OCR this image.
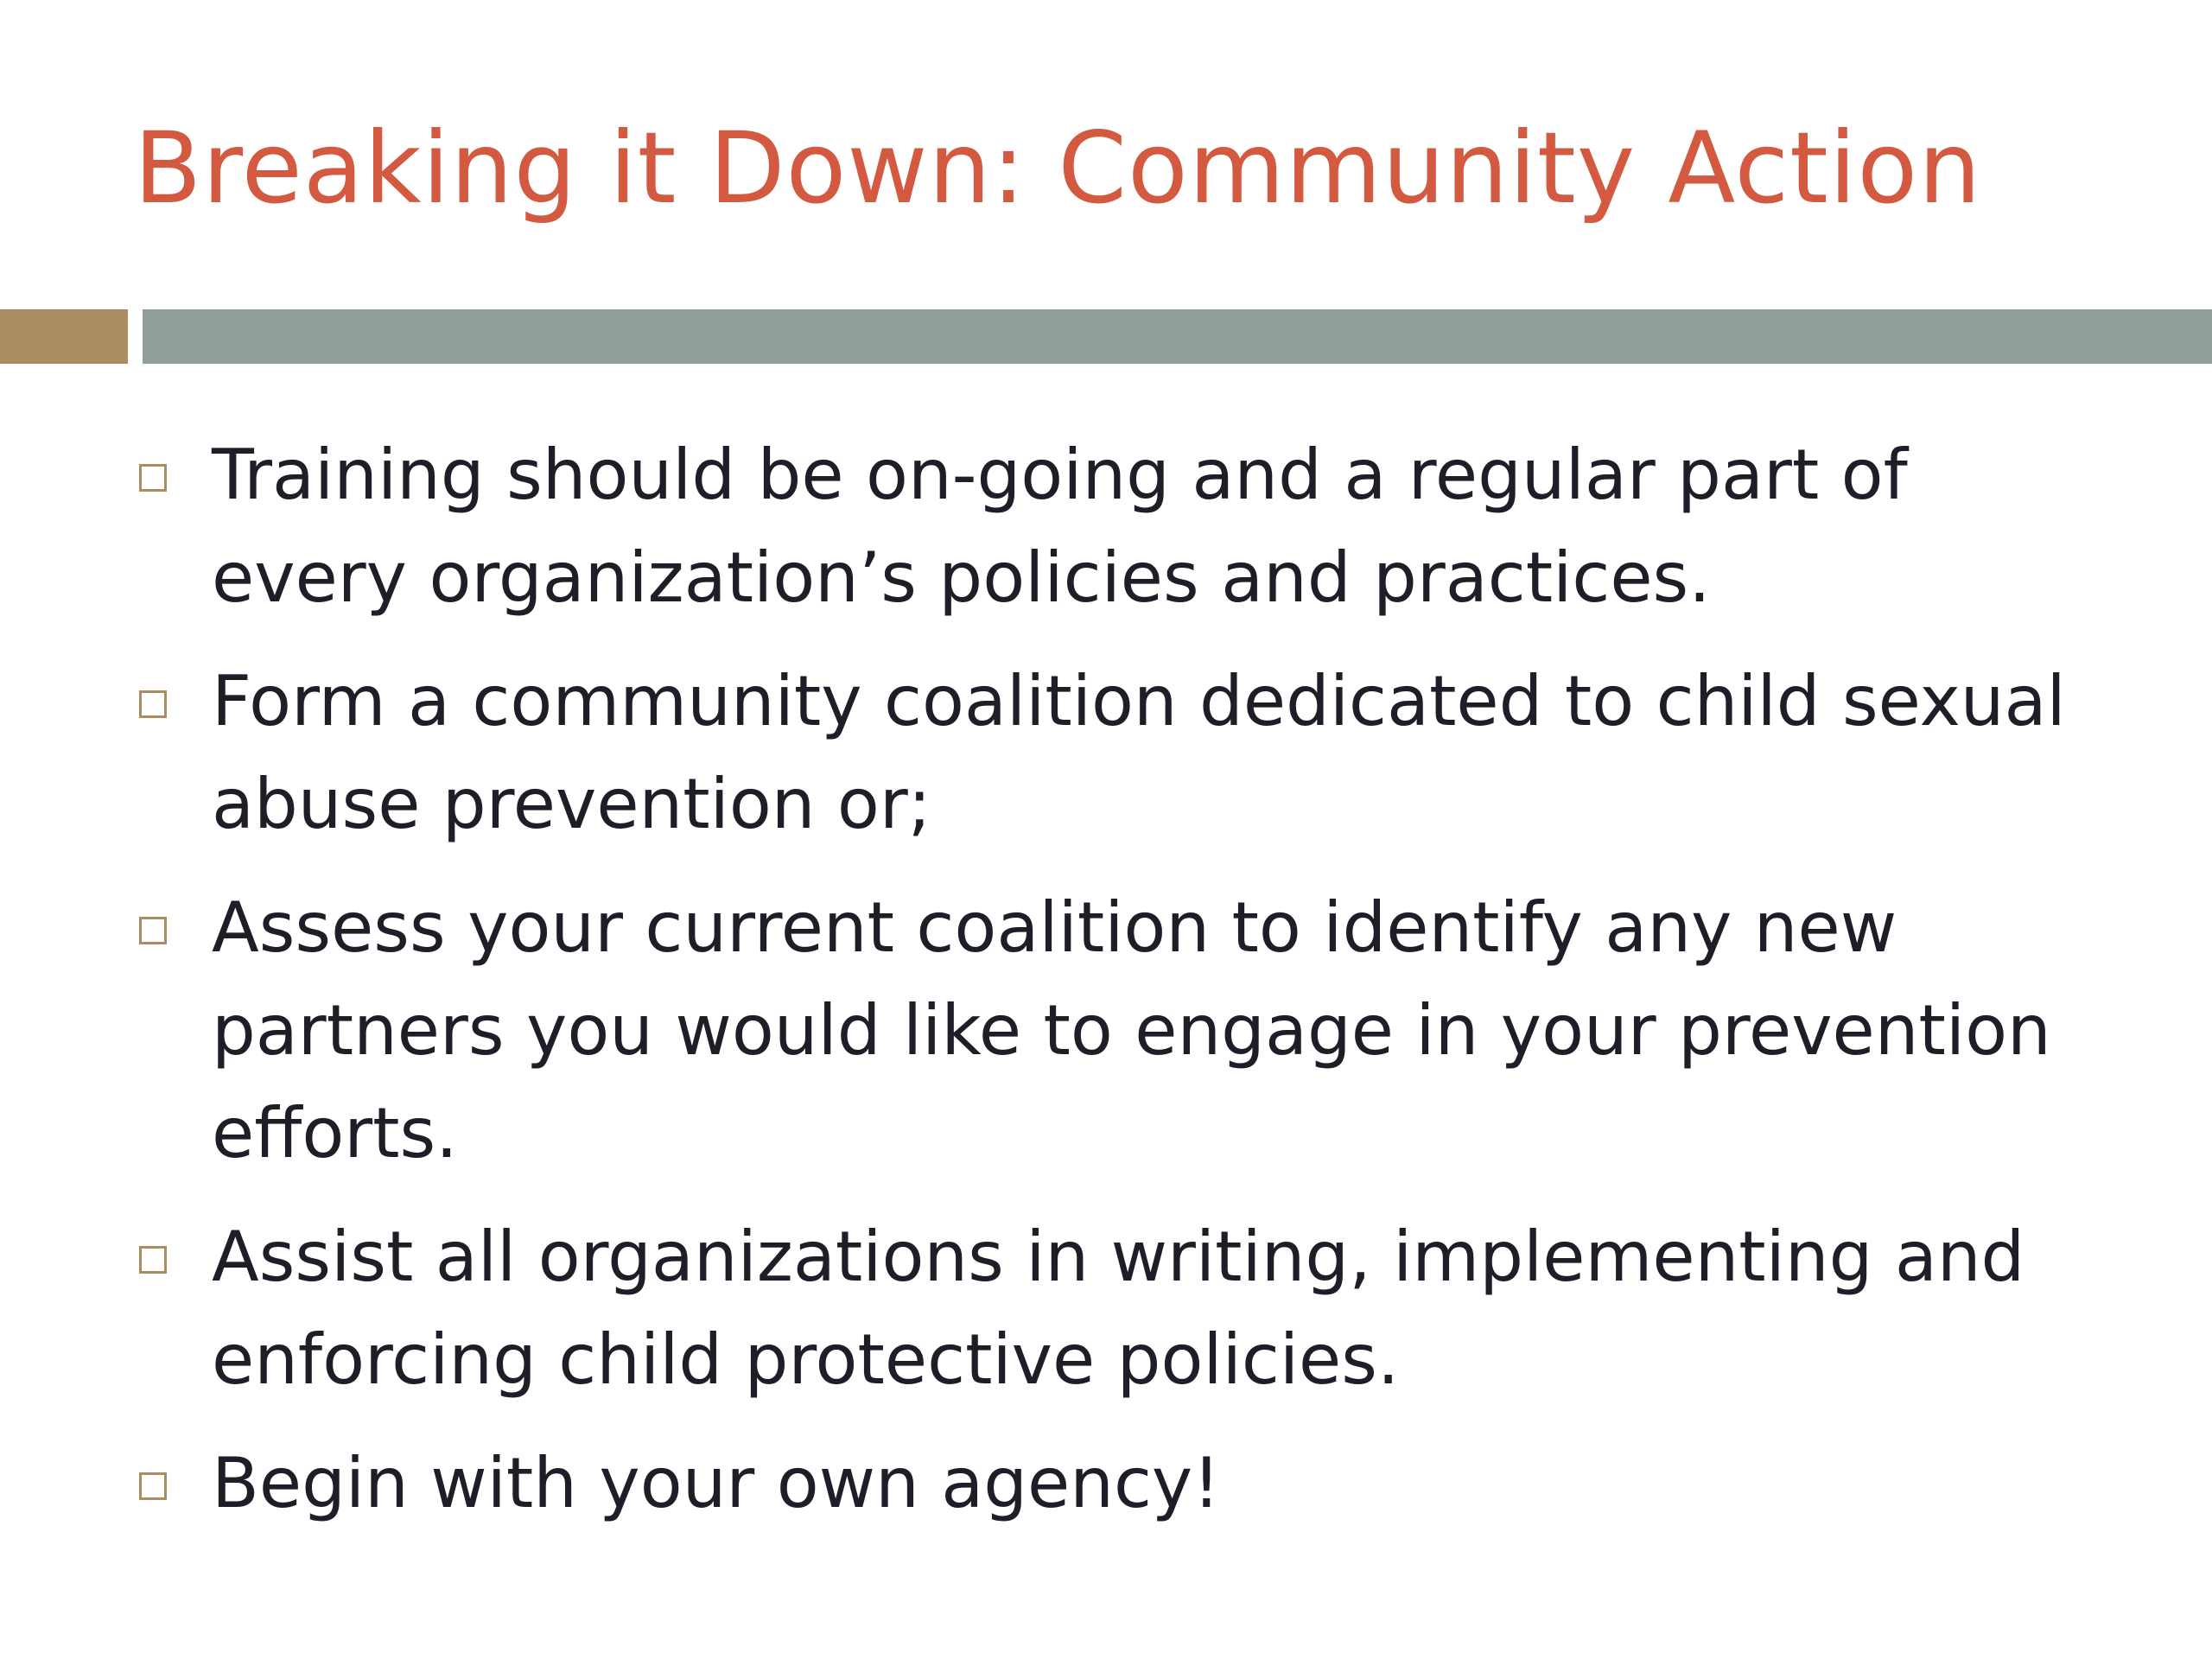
Breaking it Down: Community Action
Training should be on-going and a regular part of every organization’s policies and practices.
Form a community coalition dedicated to child sexual abuse prevention or;
Assess your current coalition to identify any new partners you would like to engage in your prevention efforts.
Assist all organizations in writing, implementing and enforcing child protective policies.
Begin with your own agency!
